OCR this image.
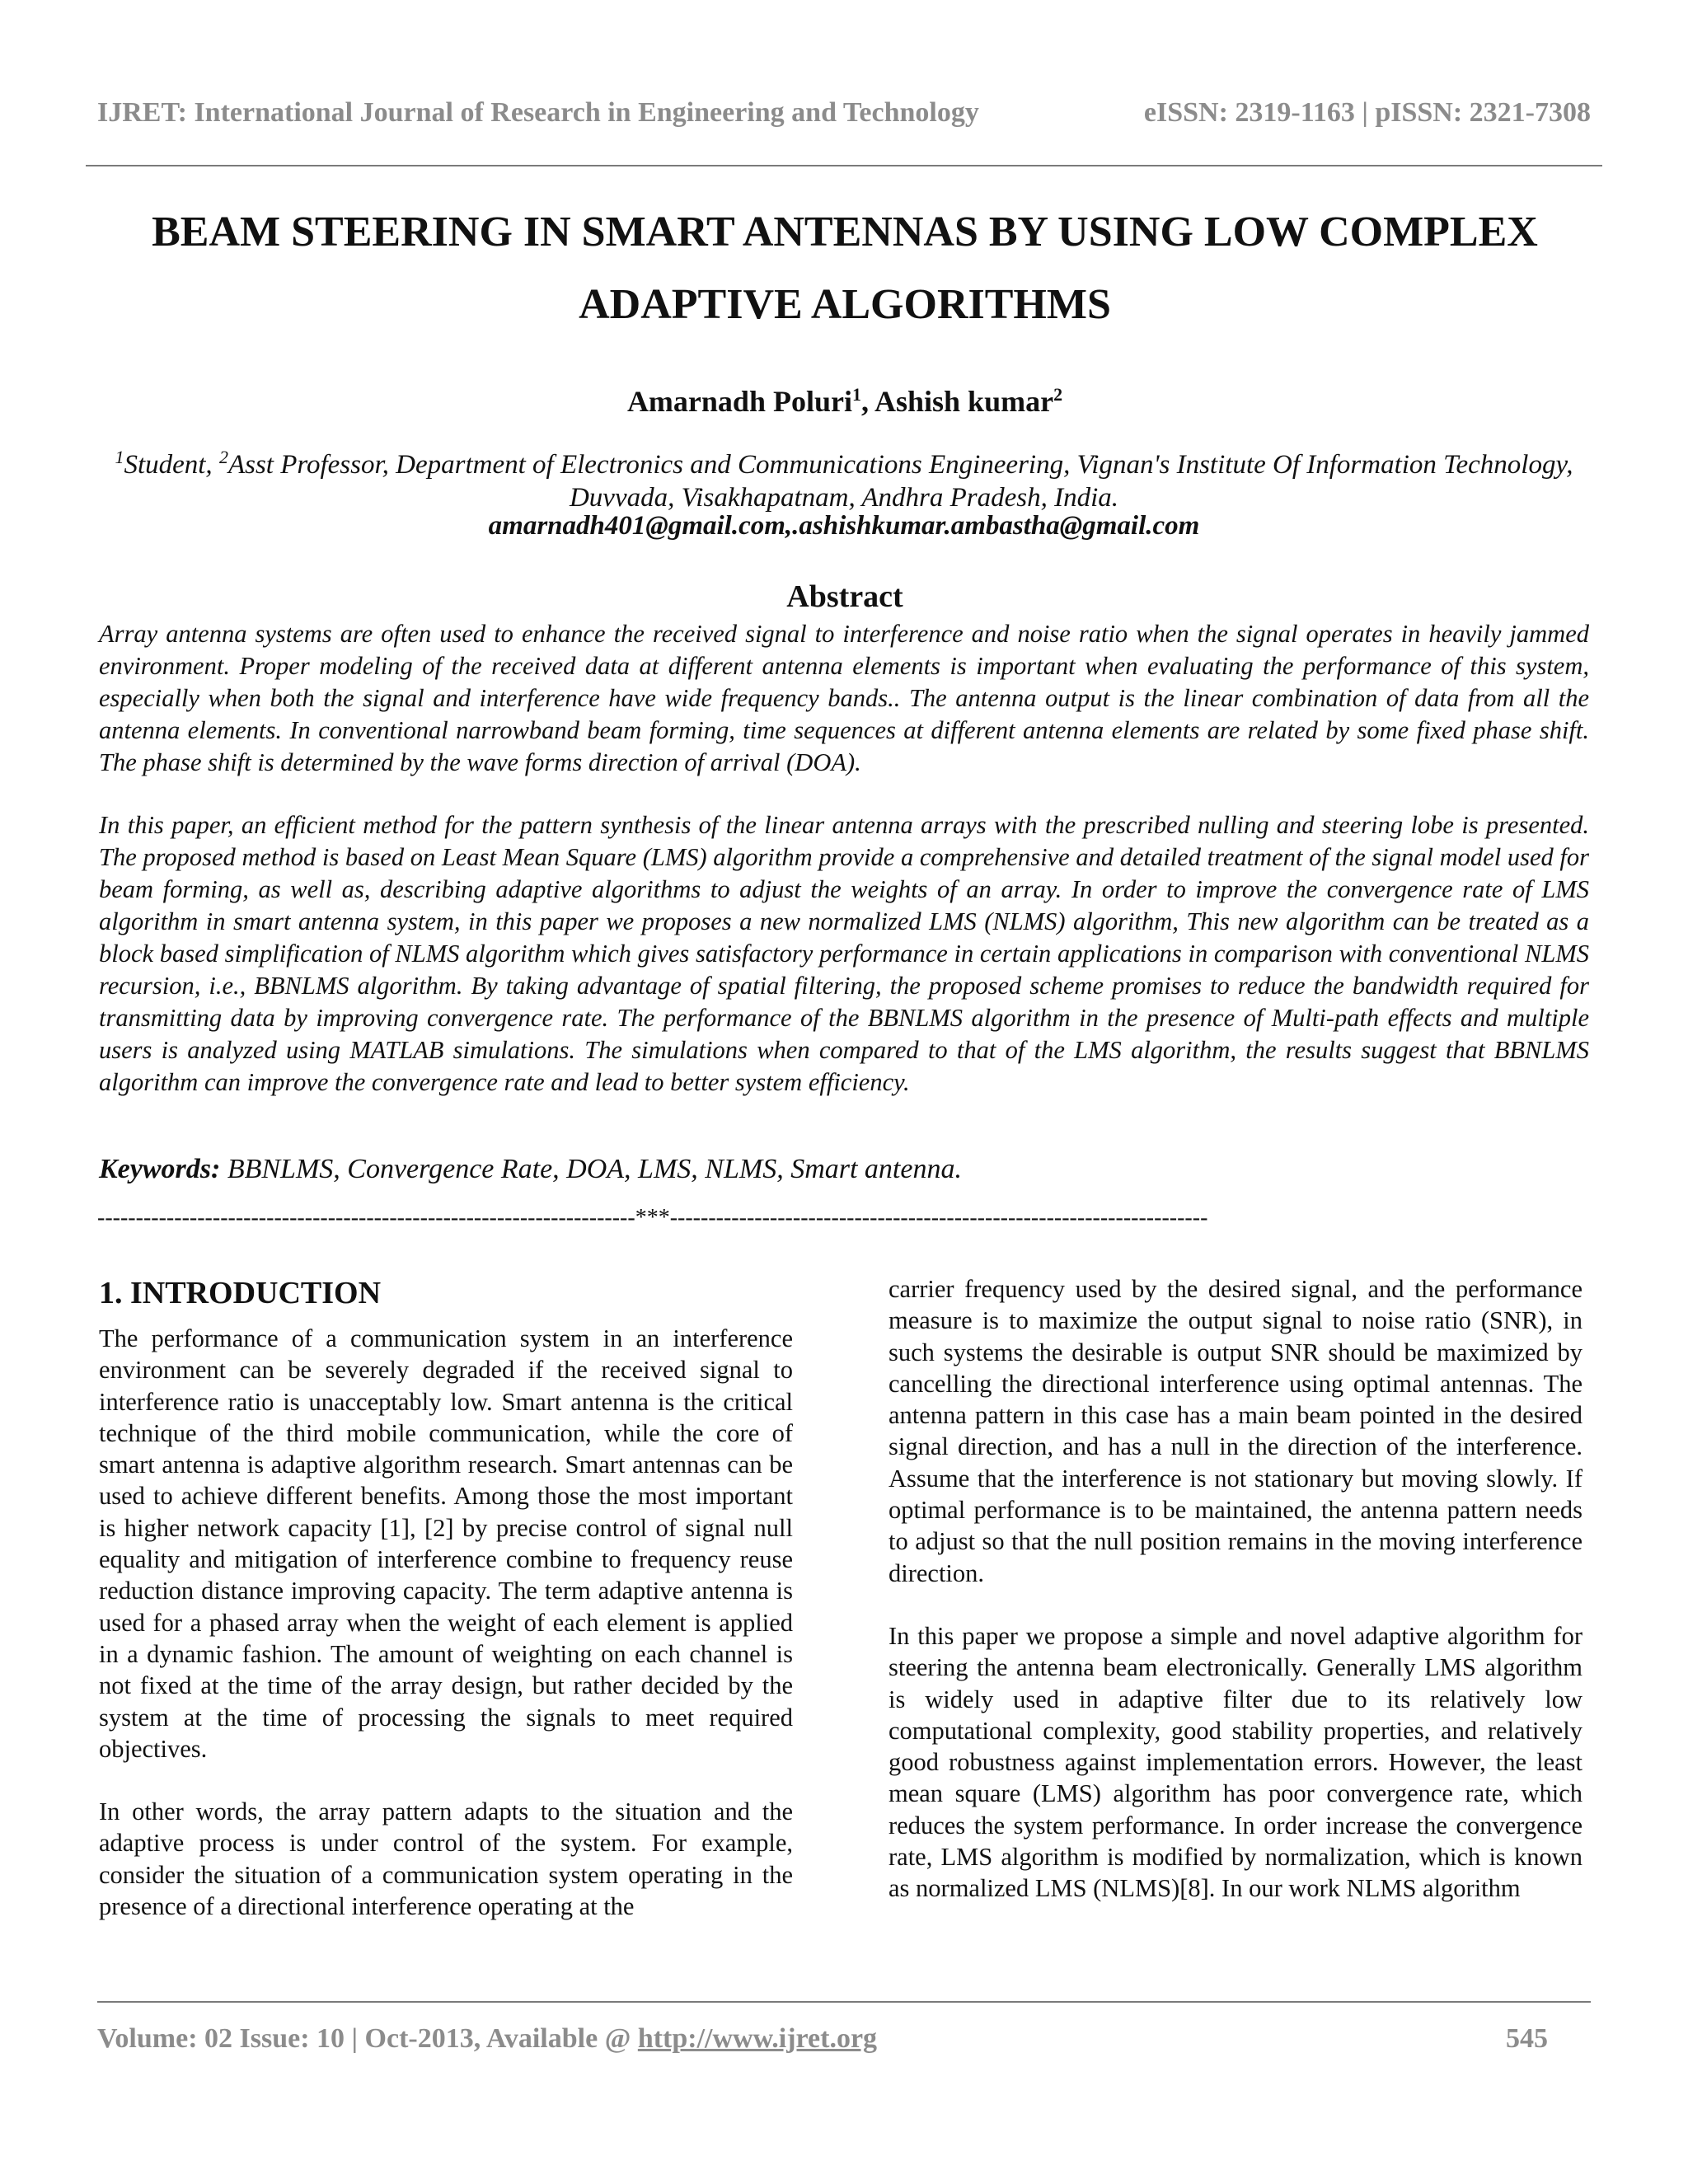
IJRET: International Journal of Research in Engineering and Technology	eISSN: 2319-1163 | pISSN: 2321-7308
BEAM STEERING IN SMART ANTENNAS BY USING LOW COMPLEX
ADAPTIVE ALGORITHMS
Amarnadh Poluri$^1$, Ashish kumar$^2$
$^1$Student, $^2$Asst Professor, Department of Electronics and Communications Engineering, Vignan's Institute Of Information Technology, Duvvada, Visakhapatnam, Andhra Pradesh, India.
amarnadh401@gmail.com,.ashishkumar.ambastha@gmail.com
Abstract

Array antenna systems are often used to enhance the received signal to interference and noise ratio when the signal operates in heavily jammed environment. Proper modeling of the received data at different antenna elements is important when evaluating the performance of this system, especially when both the signal and interference have wide frequency bands.. The antenna output is the linear combination of data from all the antenna elements. In conventional narrowband beam forming, time sequences at different antenna elements are related by some fixed phase shift. The phase shift is determined by the wave forms direction of arrival (DOA).

In this paper, an efficient method for the pattern synthesis of the linear antenna arrays with the prescribed nulling and steering lobe is presented. The proposed method is based on Least Mean Square (LMS) algorithm provide a comprehensive and detailed treatment of the signal model used for beam forming, as well as, describing adaptive algorithms to adjust the weights of an array. In order to improve the convergence rate of LMS algorithm in smart antenna system, in this paper we proposes a new normalized LMS (NLMS) algorithm, This new algorithm can be treated as a block based simplification of NLMS algorithm which gives satisfactory performance in certain applications in comparison with conventional NLMS recursion, i.e., BBNLMS algorithm. By taking advantage of spatial filtering, the proposed scheme promises to reduce the bandwidth required for transmitting data by improving convergence rate. The performance of the BBNLMS algorithm in the presence of Multi-path effects and multiple users is analyzed using MATLAB simulations. The simulations when compared to that of the LMS algorithm, the results suggest that BBNLMS algorithm can improve the convergence rate and lead to better system efficiency.

Keywords: BBNLMS, Convergence Rate, DOA, LMS, NLMS, Smart antenna.
----------------------------------------------------------------------***----------------------------------------------------------------------
1. INTRODUCTION

The performance of a communication system in an interference environment can be severely degraded if the received signal to interference ratio is unacceptably low. Smart antenna is the critical technique of the third mobile communication, while the core of smart antenna is adaptive algorithm research. Smart antennas can be used to achieve different benefits. Among those the most important is higher network capacity [1], [2] by precise control of signal null equality and mitigation of interference combine to frequency reuse reduction distance improving capacity. The term adaptive antenna is used for a phased array when the weight of each element is applied in a dynamic fashion. The amount of weighting on each channel is not fixed at the time of the array design, but rather decided by the system at the time of processing the signals to meet required objectives.

In other words, the array pattern adapts to the situation and the adaptive process is under control of the system. For example, consider the situation of a communication system operating in the presence of a directional interference operating at the

carrier frequency used by the desired signal, and the performance measure is to maximize the output signal to noise ratio (SNR), in such systems the desirable is output SNR should be maximized by cancelling the directional interference using optimal antennas. The antenna pattern in this case has a main beam pointed in the desired signal direction, and has a null in the direction of the interference. Assume that the interference is not stationary but moving slowly. If optimal performance is to be maintained, the antenna pattern needs to adjust so that the null position remains in the moving interference direction.

In this paper we propose a simple and novel adaptive algorithm for steering the antenna beam electronically. Generally LMS algorithm is widely used in adaptive filter due to its relatively low computational complexity, good stability properties, and relatively good robustness against implementation errors. However, the least mean square (LMS) algorithm has poor convergence rate, which reduces the system performance. In order increase the convergence rate, LMS algorithm is modified by normalization, which is known as normalized LMS (NLMS)[8]. In our work NLMS algorithm

Volume: 02 Issue: 10 | Oct-2013, Available @ http://www.ijret.org	545
